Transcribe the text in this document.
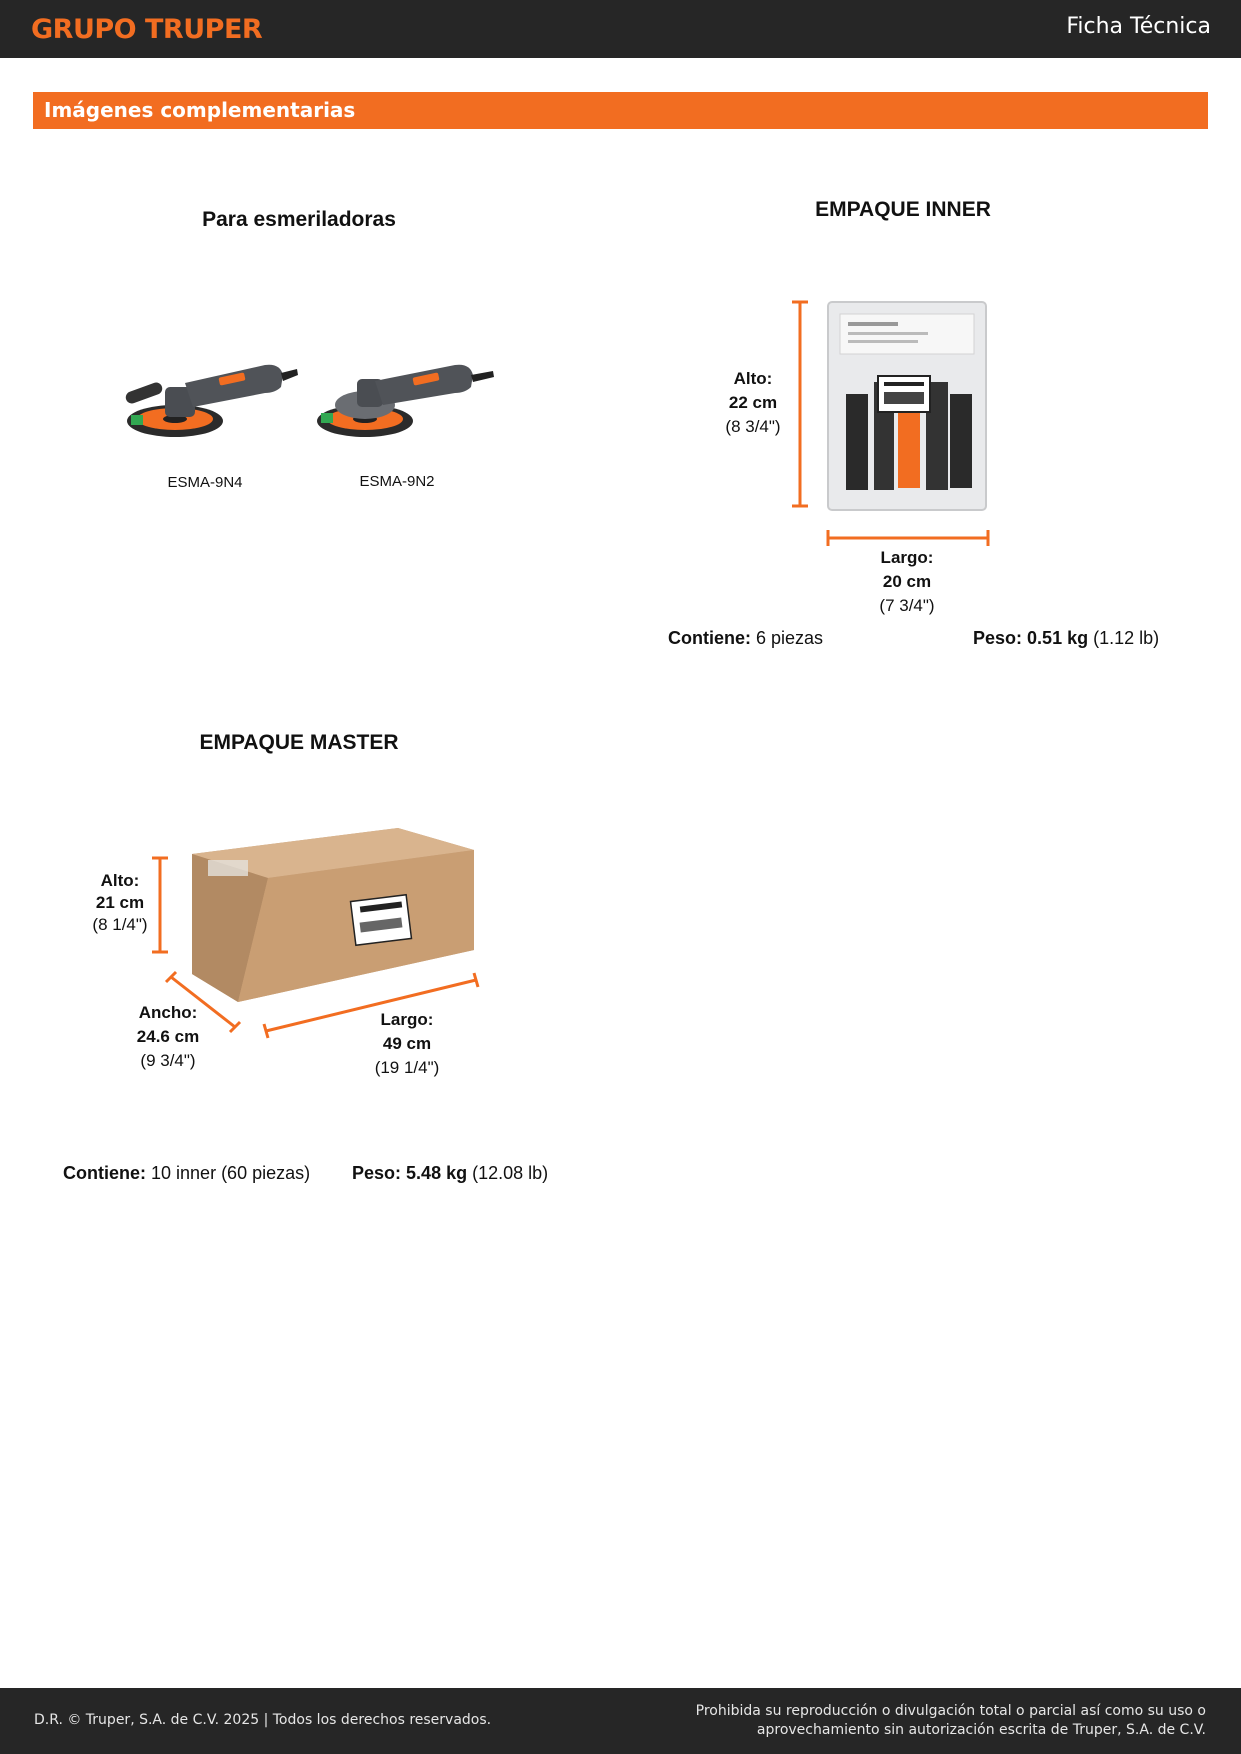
GRUPO TRUPER	Ficha Técnica
Imágenes complementarias
Para esmeriladoras
ESMA-9N4	ESMA-9N2
EMPAQUE INNER
Alto:
22 cm
(8 3/4")
Largo:
20 cm
(7 3/4")
Contiene: 6 piezas	Peso: 0.51 kg (1.12 lb)
EMPAQUE MASTER
Alto:
21 cm
(8 1/4")
Ancho:
24.6 cm
(9 3/4")
Largo:
49 cm
(19 1/4")
Contiene: 10 inner (60 piezas) Peso: 5.48 kg (12.08 lb)
D.R. © Truper, S.A. de C.V. 2025 | Todos los derechos reservados.
Prohibida su reproducción o divulgación total o parcial así como su uso o
aprovechamiento sin autorización escrita de Truper, S.A. de C.V.
